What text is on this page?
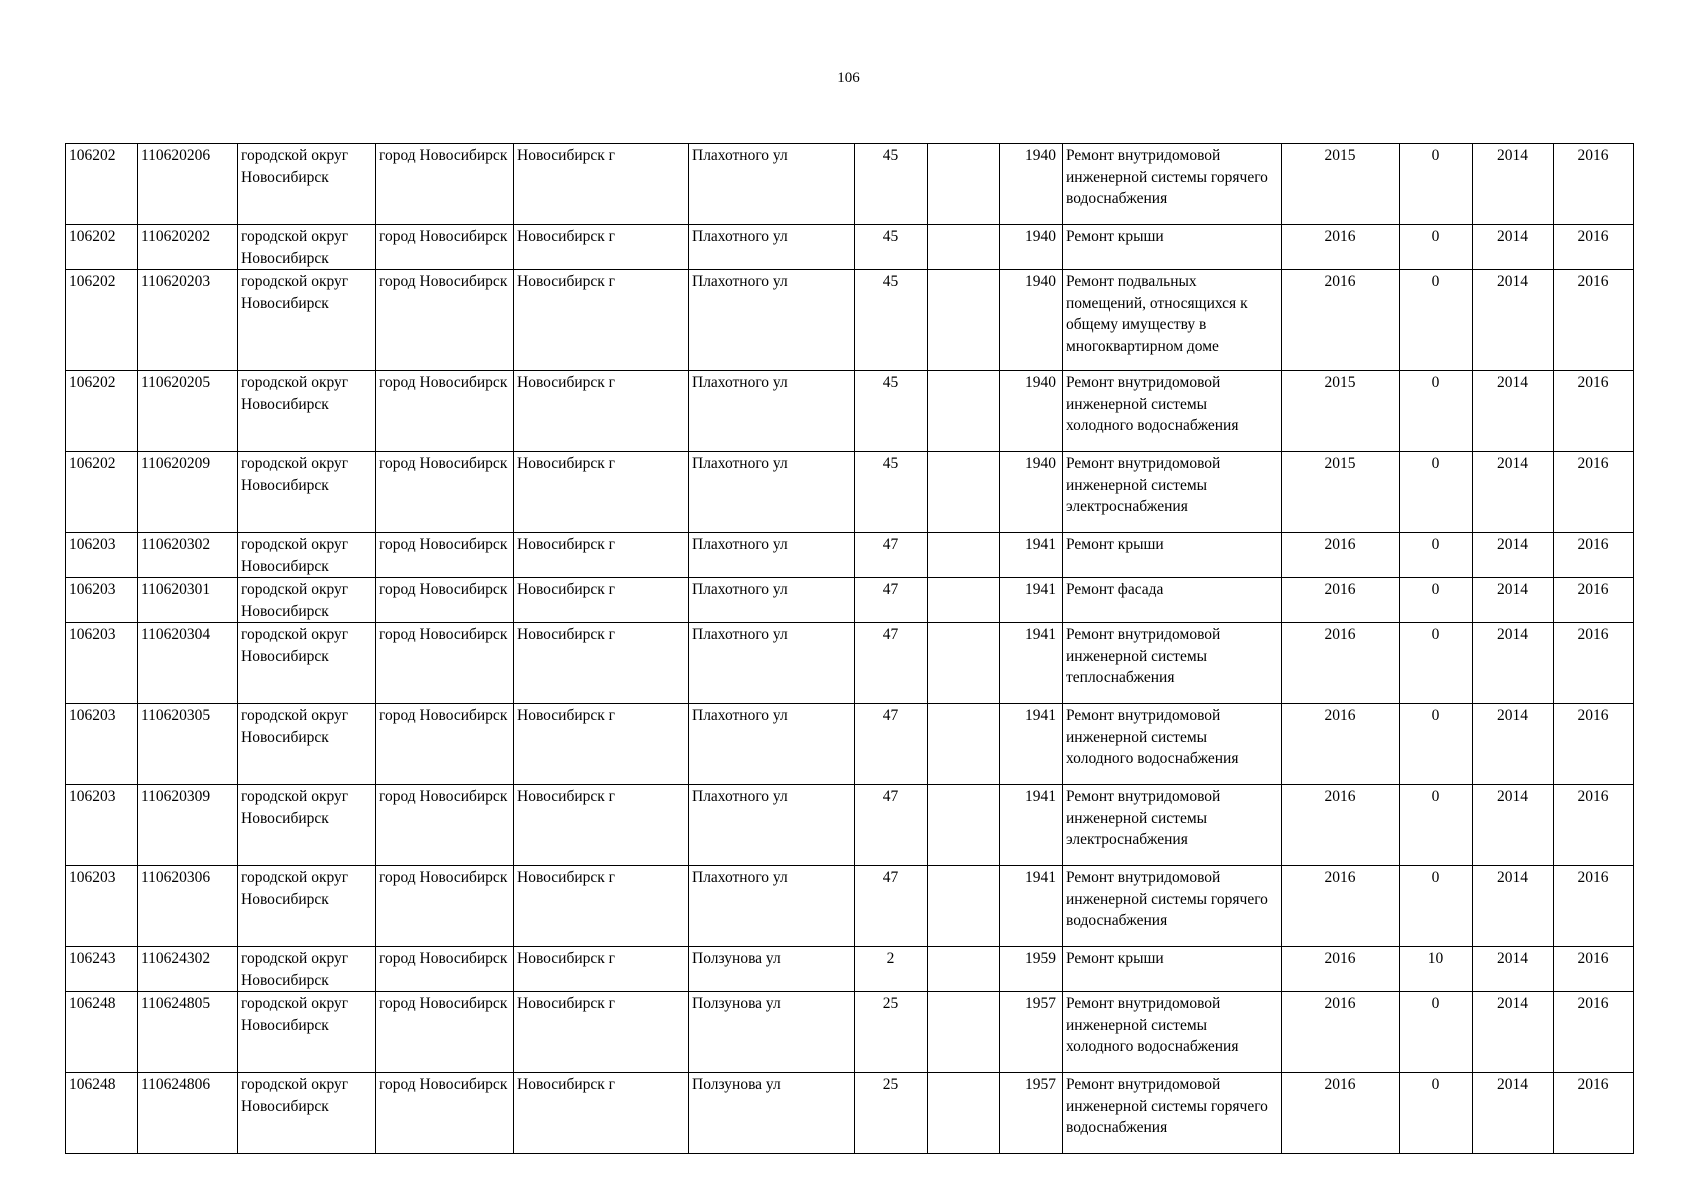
106
106202	110620206	городской округ Новосибирск	город Новосибирск	Новосибирск г	Плахотного ул	45		1940	Ремонт внутридомовой инженерной системы горячего водоснабжения	2015	0	2014	2016
106202	110620202	городской округ Новосибирск	город Новосибирск	Новосибирск г	Плахотного ул	45		1940	Ремонт крыши	2016	0	2014	2016
106202	110620203	городской округ Новосибирск	город Новосибирск	Новосибирск г	Плахотного ул	45		1940	Ремонт подвальных помещений, относящихся к общему имуществу в многоквартирном доме	2016	0	2014	2016
106202	110620205	городской округ Новосибирск	город Новосибирск	Новосибирск г	Плахотного ул	45		1940	Ремонт внутридомовой инженерной системы холодного водоснабжения	2015	0	2014	2016
106202	110620209	городской округ Новосибирск	город Новосибирск	Новосибирск г	Плахотного ул	45		1940	Ремонт внутридомовой инженерной системы электроснабжения	2015	0	2014	2016
106203	110620302	городской округ Новосибирск	город Новосибирск	Новосибирск г	Плахотного ул	47		1941	Ремонт крыши	2016	0	2014	2016
106203	110620301	городской округ Новосибирск	город Новосибирск	Новосибирск г	Плахотного ул	47		1941	Ремонт фасада	2016	0	2014	2016
106203	110620304	городской округ Новосибирск	город Новосибирск	Новосибирск г	Плахотного ул	47		1941	Ремонт внутридомовой инженерной системы теплоснабжения	2016	0	2014	2016
106203	110620305	городской округ Новосибирск	город Новосибирск	Новосибирск г	Плахотного ул	47		1941	Ремонт внутридомовой инженерной системы холодного водоснабжения	2016	0	2014	2016
106203	110620309	городской округ Новосибирск	город Новосибирск	Новосибирск г	Плахотного ул	47		1941	Ремонт внутридомовой инженерной системы электроснабжения	2016	0	2014	2016
106203	110620306	городской округ Новосибирск	город Новосибирск	Новосибирск г	Плахотного ул	47		1941	Ремонт внутридомовой инженерной системы горячего водоснабжения	2016	0	2014	2016
106243	110624302	городской округ Новосибирск	город Новосибирск	Новосибирск г	Ползунова ул	2		1959	Ремонт крыши	2016	10	2014	2016
106248	110624805	городской округ Новосибирск	город Новосибирск	Новосибирск г	Ползунова ул	25		1957	Ремонт внутридомовой инженерной системы холодного водоснабжения	2016	0	2014	2016
106248	110624806	городской округ Новосибирск	город Новосибирск	Новосибирск г	Ползунова ул	25		1957	Ремонт внутридомовой инженерной системы горячего водоснабжения	2016	0	2014	2016
